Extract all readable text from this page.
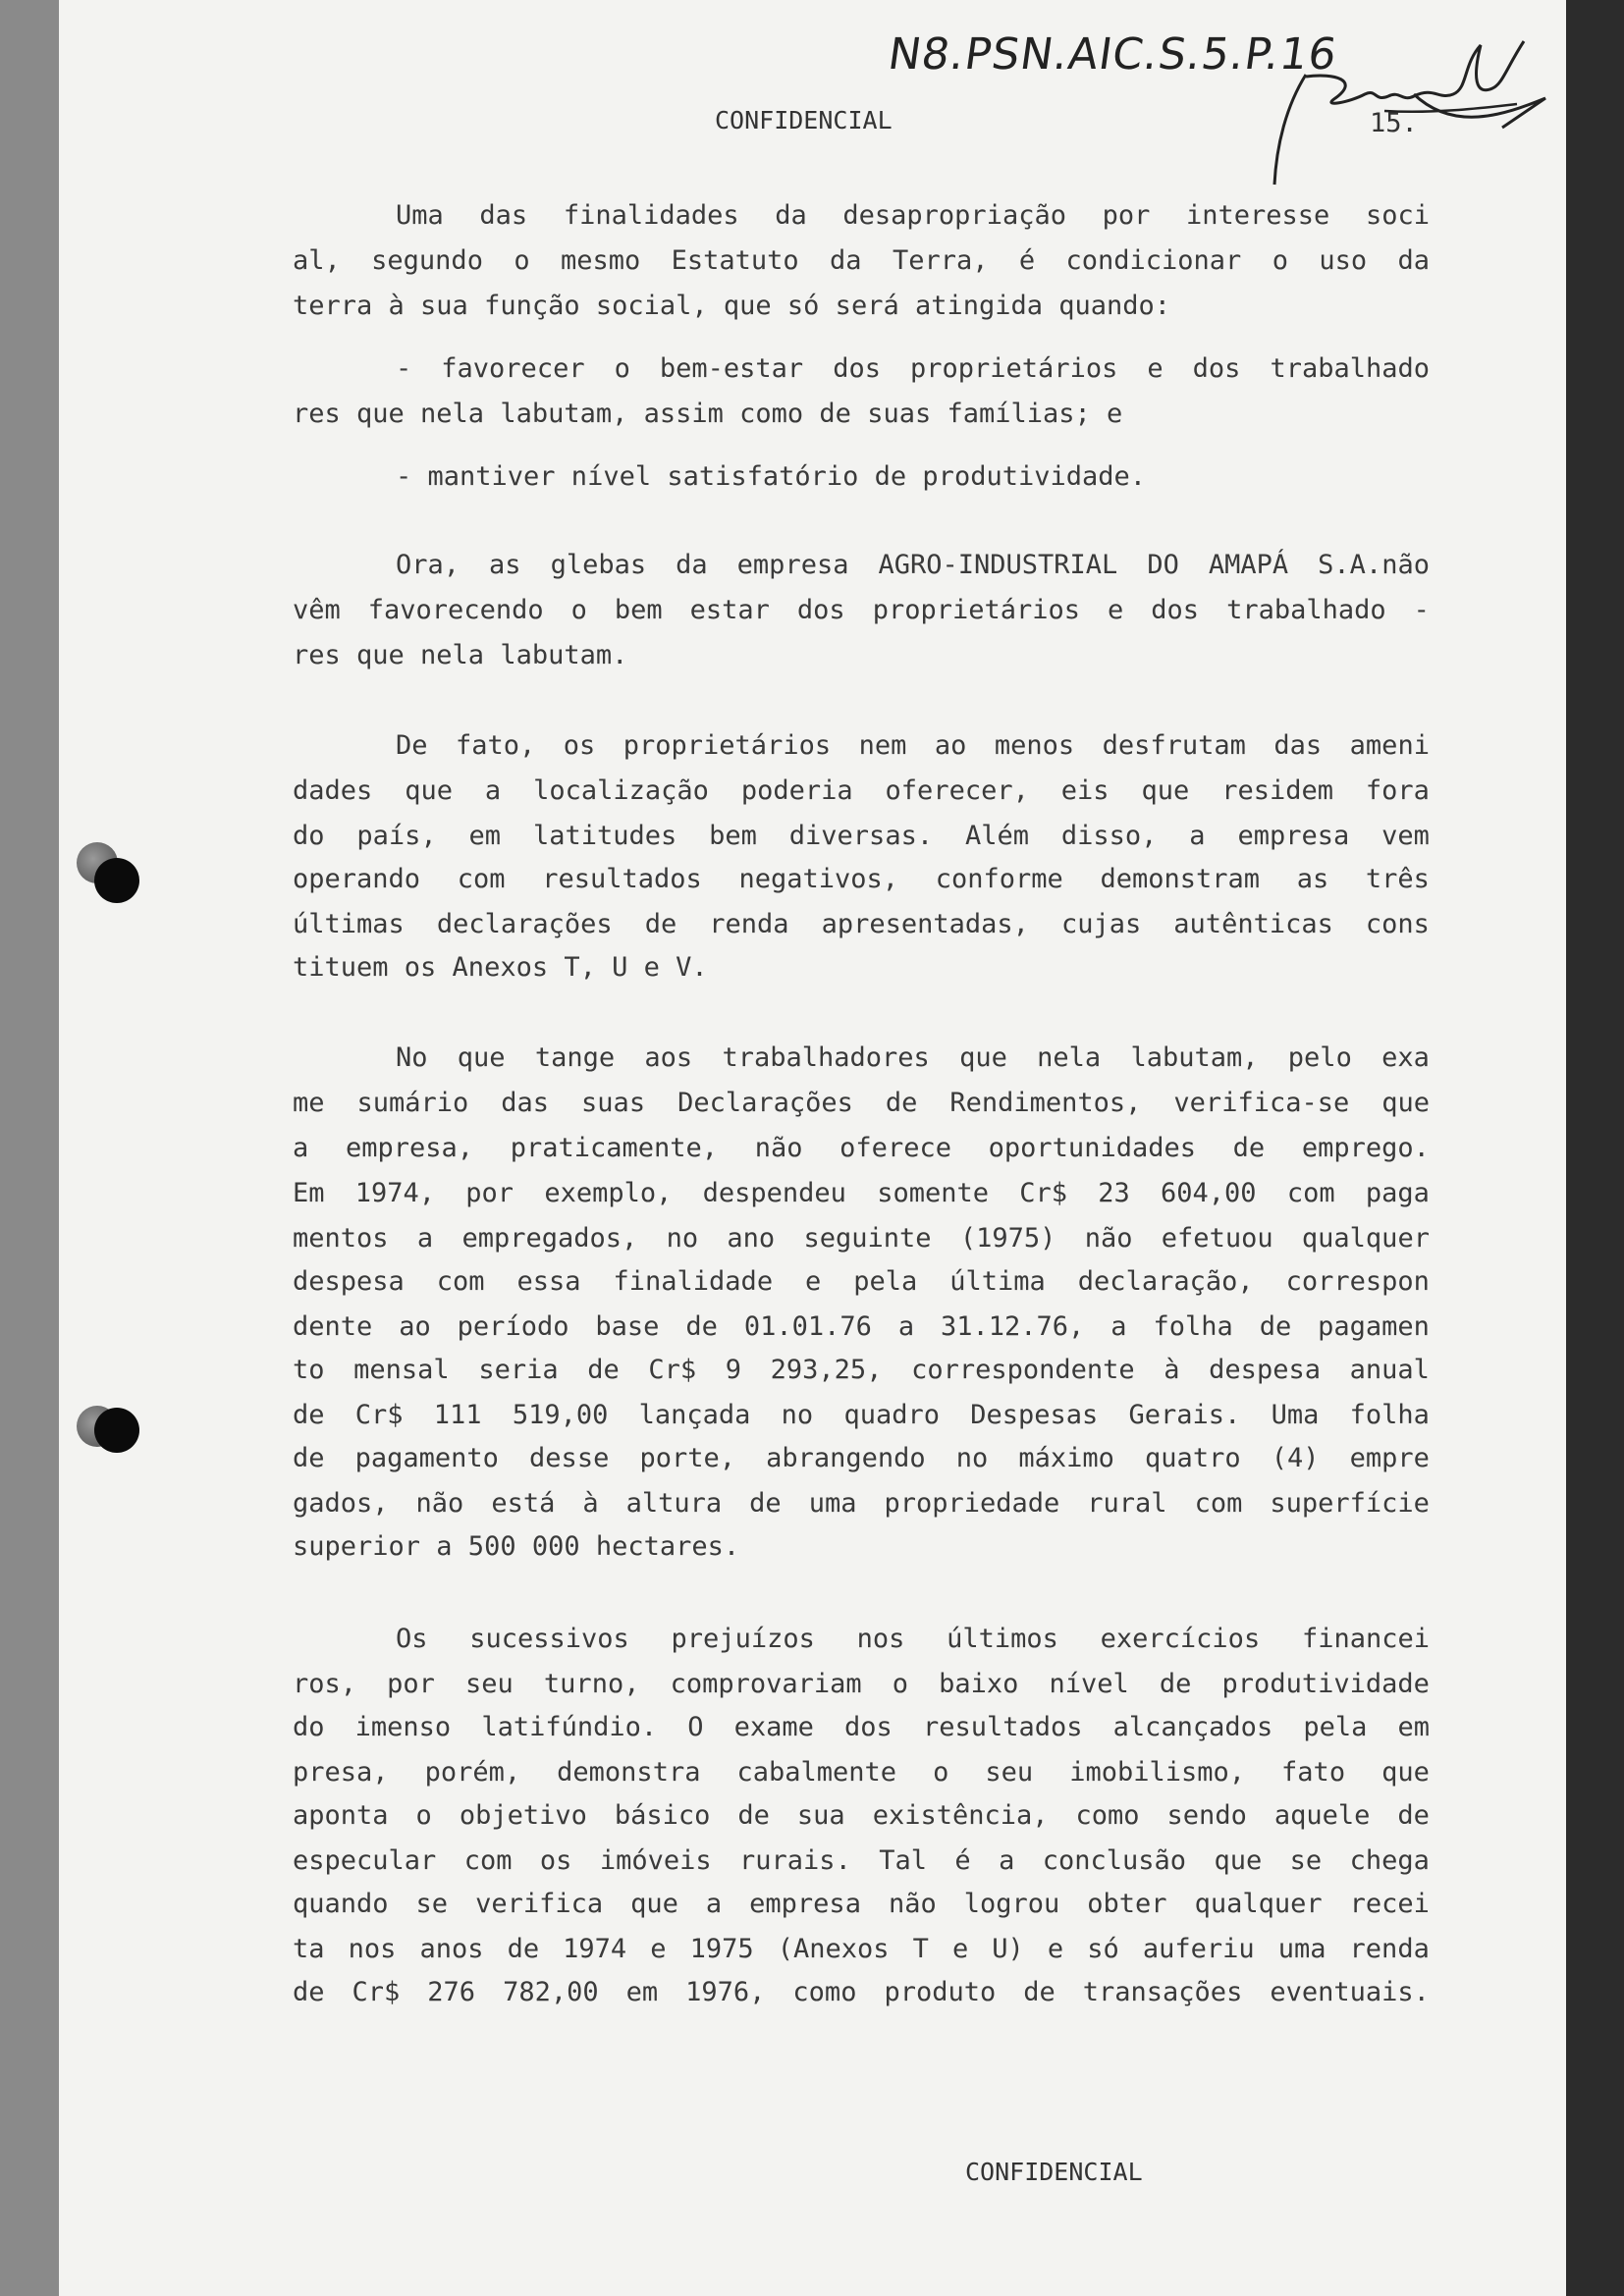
N8.PSN.AIC.S.5.P.16
CONFIDENCIAL	15.
Uma das finalidades da desapropriação por interesse soci
al, segundo o mesmo Estatuto da Terra, é condicionar o uso da
terra à sua função social, que só será atingida quando:
- favorecer o bem-estar dos proprietários e dos trabalhado
res que nela labutam, assim como de suas famílias; e
- mantiver nível satisfatório de produtividade.
Ora, as glebas da empresa AGRO-INDUSTRIAL DO AMAPÁ S.A.não
vêm favorecendo o bem estar dos proprietários e dos trabalhado -
res que nela labutam.
De fato, os proprietários nem ao menos desfrutam das ameni
dades que a localização poderia oferecer, eis que residem fora
do país, em latitudes bem diversas. Além disso, a empresa vem
operando com resultados negativos, conforme demonstram as três
últimas declarações de renda apresentadas, cujas autênticas cons
tituem os Anexos T, U e V.
No que tange aos trabalhadores que nela labutam, pelo exa
me sumário das suas Declarações de Rendimentos, verifica-se que
a empresa, praticamente, não oferece oportunidades de emprego.
Em 1974, por exemplo, despendeu somente Cr$ 23 604,00 com paga
mentos a empregados, no ano seguinte (1975) não efetuou qualquer
despesa com essa finalidade e pela última declaração, correspon
dente ao período base de 01.01.76 a 31.12.76, a folha de pagamen
to mensal seria de Cr$ 9 293,25, correspondente à despesa anual
de Cr$ 111 519,00 lançada no quadro Despesas Gerais. Uma folha
de pagamento desse porte, abrangendo no máximo quatro (4) empre
gados, não está à altura de uma propriedade rural com superfície
superior a 500 000 hectares.
Os sucessivos prejuízos nos últimos exercícios financei
ros, por seu turno, comprovariam o baixo nível de produtividade
do imenso latifúndio. O exame dos resultados alcançados pela em
presa, porém, demonstra cabalmente o seu imobilismo, fato que
aponta o objetivo básico de sua existência, como sendo aquele de
especular com os imóveis rurais. Tal é a conclusão que se chega
quando se verifica que a empresa não logrou obter qualquer recei
ta nos anos de 1974 e 1975 (Anexos T e U) e só auferiu uma renda
de Cr$ 276 782,00 em 1976, como produto de transações eventuais.
CONFIDENCIAL
